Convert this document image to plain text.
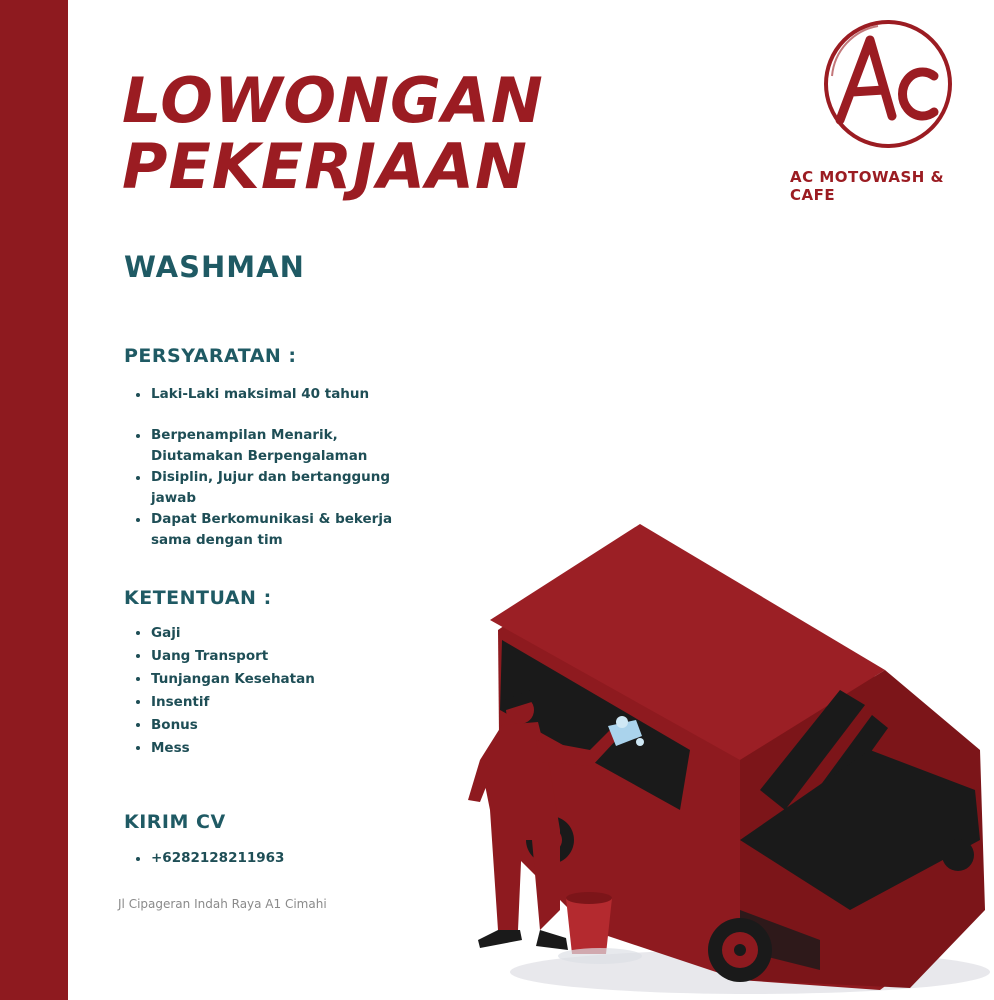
LOWONGAN
PEKERJAAN
WASHMAN
PERSYARATAN :
Laki-Laki maksimal 40 tahun
Berpenampilan Menarik, Diutamakan Berpengalaman
Disiplin, Jujur dan bertanggung jawab
Dapat Berkomunikasi & bekerja sama dengan tim
KETENTUAN :
Gaji
Uang Transport
Tunjangan Kesehatan
Insentif
Bonus
Mess
KIRIM CV
+6282128211963

Jl Cipageran Indah Raya A1 Cimahi

AC MOTOWASH & CAFE
